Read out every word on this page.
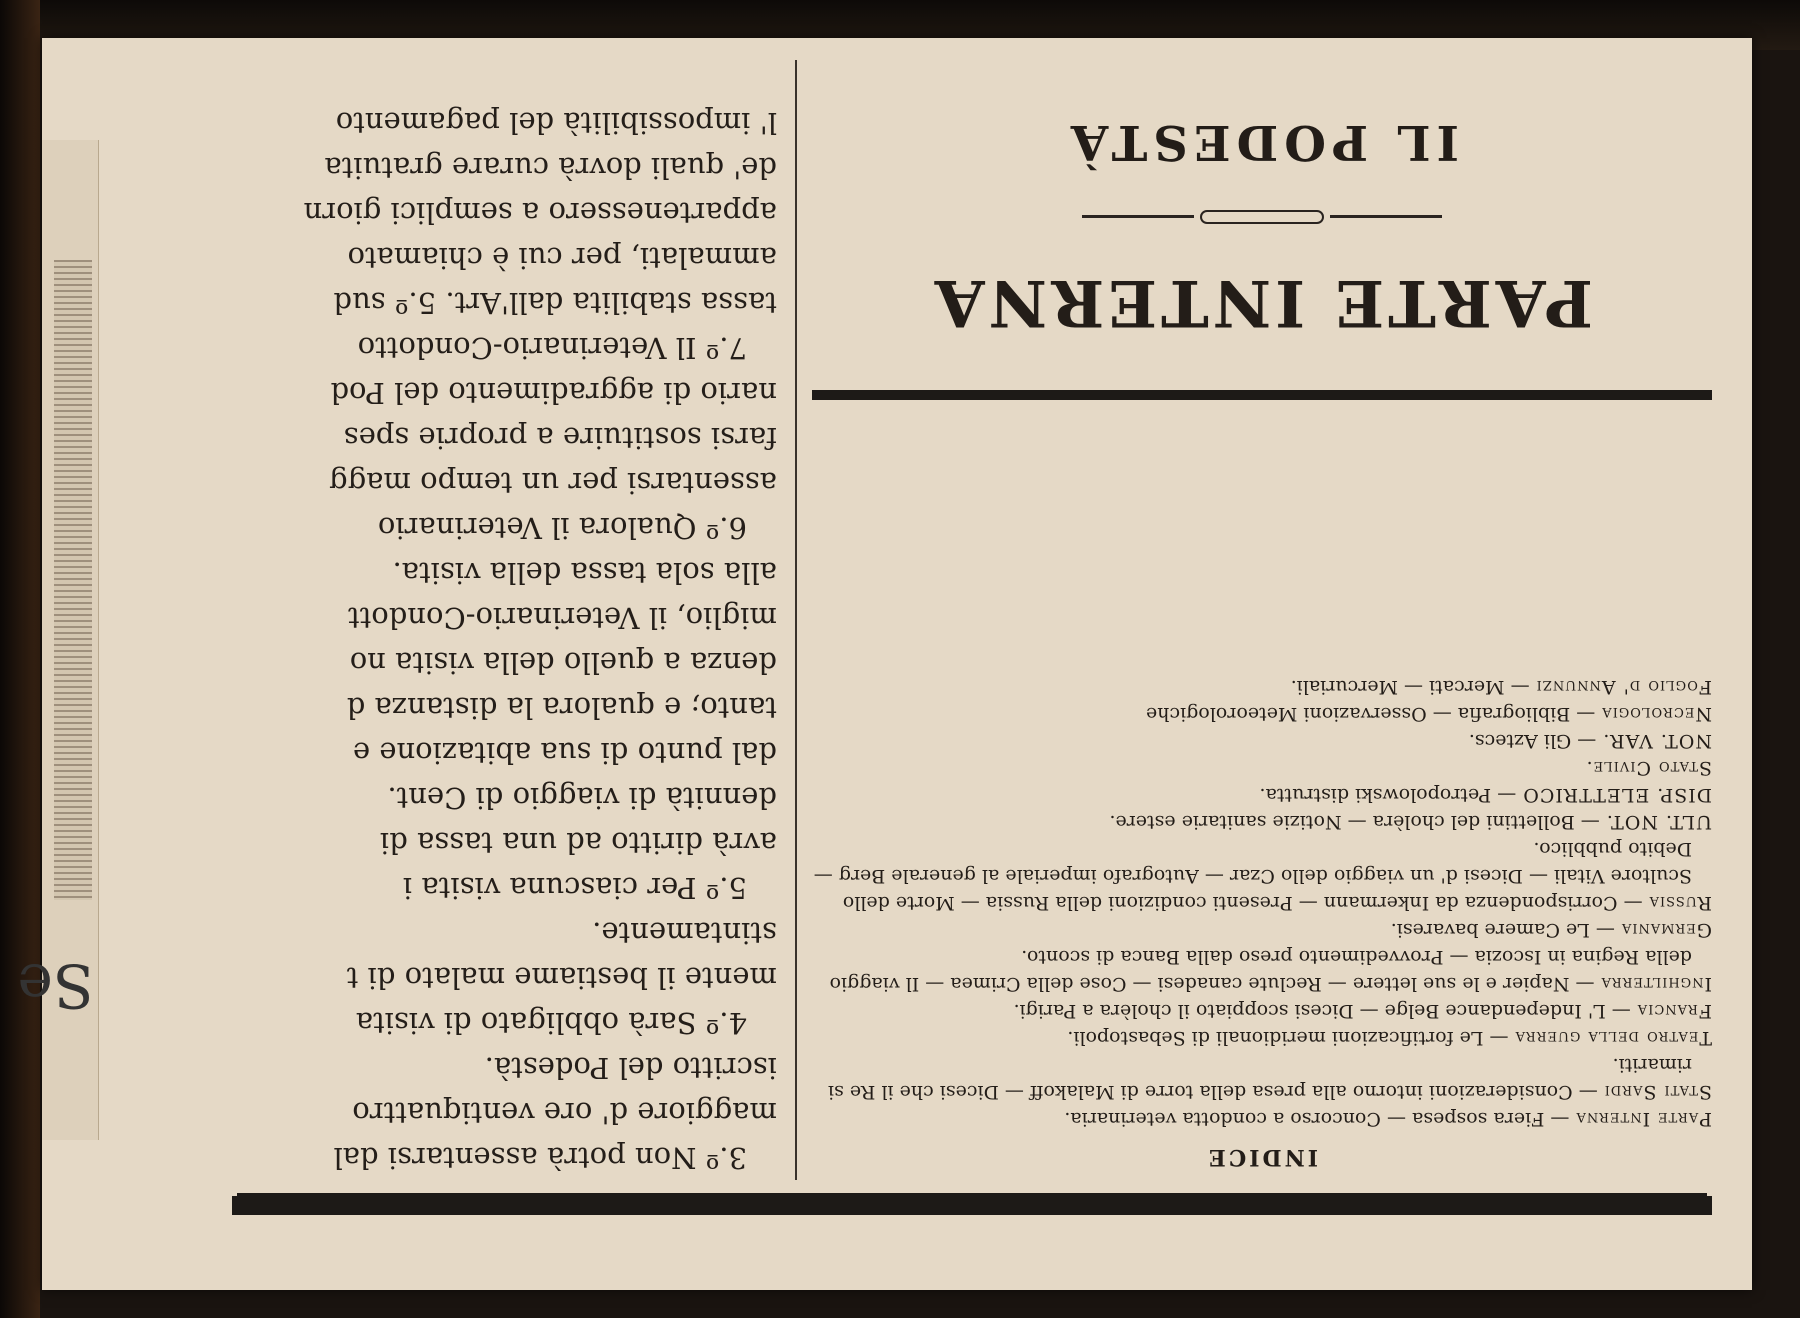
Se
INDICE

Parte Interna — Fiera sospesa — Concorso a condotta veterinaria.

Stati Sardi — Considerazioni intorno alla presa della torre di Malakoff — Dicesi che il Re si rimariti.

Teatro della guerra — Le fortificazioni meridionali di Sebastopoli.

Francia — L' Independance Belge — Dicesi scoppiato il cholèra a Parigi.

Inghilterra — Napier e le sue lettere — Reclute canadesi — Cose della Crimea — Il viaggio della Regina in Iscozia — Provvedimento preso dalla Banca di sconto.

Germania — Le Camere bavaresi.

Russia — Corrispondenza da Inkermann — Presenti condizioni della Russia — Morte dello Scultore Vitali — Dicesi d' un viaggio dello Czar — Autografo imperiale al generale Berg — Debito pubblico.

ULT. NOT. — Bollettini del cholèra — Notizie sanitarie estere.

DISP. ELETTRICO — Petropolowski distrutta.

Stato Civile.

NOT. VAR. — Gli Aztecs.

Necrologia — Bibliografia — Osservazioni Meteorologiche

Foglio d' Annunzi — Mercati — Mercuriali.

PARTE INTERNA
IL PODESTÀ

3.º Non potrà assentarsi dal

maggiore d' ore ventiquattro

iscritto del Podestà.

4.º Sarà obbligato di visita

mente il bestiame malato di t

stintamente.

5.º Per ciascuna visita i

avrà diritto ad una tassa di

dennità di viaggio di Cent.

dal punto di sua abitazione e

tanto; e qualora la distanza d

denza a quello della visita no

miglio, il Veterinario-Condott

alla sola tassa della visita.

6.º Qualora il Veterinario

assentarsi per un tempo magg

farsi sostituire a proprie spes

nario di aggradimento del Pod

7.º Il Veterinario-Condotto

tassa stabilita dall'Art. 5.º sud

ammalati, per cui è chiamato

appartenessero a semplici giorn

de' quali dovrà curare gratuita

l' impossibilità del pagamento
